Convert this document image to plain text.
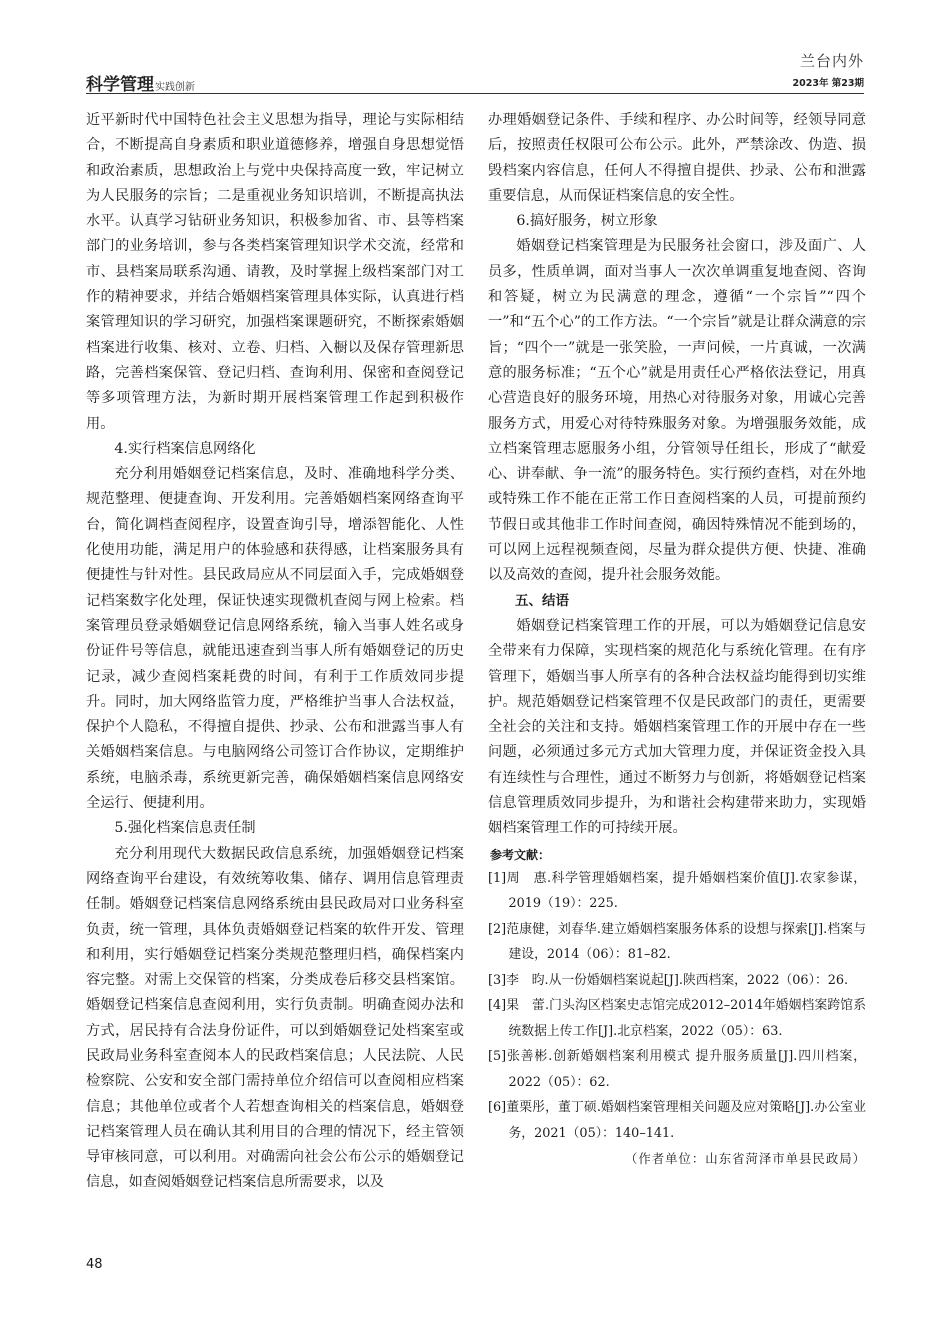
科学管理实践创新
兰台内外
2023年 第23期

近平新时代中国特色社会主义思想为指导，理论与实际相结合，不断提高自身素质和职业道德修养，增强自身思想觉悟和政治素质，思想政治上与党中央保持高度一致，牢记树立为人民服务的宗旨；二是重视业务知识培训，不断提高执法水平。认真学习钻研业务知识，积极参加省、市、县等档案部门的业务培训，参与各类档案管理知识学术交流，经常和市、县档案局联系沟通、请教，及时掌握上级档案部门对工作的精神要求，并结合婚姻档案管理具体实际，认真进行档案管理知识的学习研究，加强档案课题研究，不断探索婚姻档案进行收集、核对、立卷、归档、入橱以及保存管理新思路，完善档案保管、登记归档、查询利用、保密和查阅登记等多项管理方法，为新时期开展档案管理工作起到积极作用。

4.实行档案信息网络化

充分利用婚姻登记档案信息，及时、准确地科学分类、规范整理、便捷查询、开发利用。完善婚姻档案网络查询平台，简化调档查阅程序，设置查询引导，增添智能化、人性化使用功能，满足用户的体验感和获得感，让档案服务具有便捷性与针对性。县民政局应从不同层面入手，完成婚姻登记档案数字化处理，保证快速实现微机查阅与网上检索。档案管理员登录婚姻登记信息网络系统，输入当事人姓名或身份证件号等信息，就能迅速查到当事人所有婚姻登记的历史记录，减少查阅档案耗费的时间，有利于工作质效同步提升。同时，加大网络监管力度，严格维护当事人合法权益，保护个人隐私，不得擅自提供、抄录、公布和泄露当事人有关婚姻档案信息。与电脑网络公司签订合作协议，定期维护系统，电脑杀毒，系统更新完善，确保婚姻档案信息网络安全运行、便捷利用。

5.强化档案信息责任制

充分利用现代大数据民政信息系统，加强婚姻登记档案网络查询平台建设，有效统筹收集、储存、调用信息管理责任制。婚姻登记档案信息网络系统由县民政局对口业务科室负责，统一管理，具体负责婚姻登记档案的软件开发、管理和利用，实行婚姻登记档案分类规范整理归档，确保档案内容完整。对需上交保管的档案，分类成卷后移交县档案馆。婚姻登记档案信息查阅利用，实行负责制。明确查阅办法和方式，居民持有合法身份证件，可以到婚姻登记处档案室或民政局业务科室查阅本人的民政档案信息；人民法院、人民检察院、公安和安全部门需持单位介绍信可以查阅相应档案信息；其他单位或者个人若想查询相关的档案信息，婚姻登记档案管理人员在确认其利用目的合理的情况下，经主管领导审核同意，可以利用。对确需向社会公布公示的婚姻登记信息，如查阅婚姻登记档案信息所需要求，以及

办理婚姻登记条件、手续和程序、办公时间等，经领导同意后，按照责任权限可公布公示。此外，严禁涂改、伪造、损毁档案内容信息，任何人不得擅自提供、抄录、公布和泄露重要信息，从而保证档案信息的安全性。

6.搞好服务，树立形象

婚姻登记档案管理是为民服务社会窗口，涉及面广、人员多，性质单调，面对当事人一次次单调重复地查阅、咨询和答疑，树立为民满意的理念，遵循“一个宗旨”“四个一”和“五个心”的工作方法。“一个宗旨”就是让群众满意的宗旨；“四个一”就是一张笑脸，一声问候，一片真诚，一次满意的服务标准；“五个心”就是用责任心严格依法登记，用真心营造良好的服务环境，用热心对待服务对象，用诚心完善服务方式，用爱心对待特殊服务对象。为增强服务效能，成立档案管理志愿服务小组，分管领导任组长，形成了“献爱心、讲奉献、争一流”的服务特色。实行预约查档，对在外地或特殊工作不能在正常工作日查阅档案的人员，可提前预约节假日或其他非工作时间查阅，确因特殊情况不能到场的，可以网上远程视频查阅，尽量为群众提供方便、快捷、准确以及高效的查阅，提升社会服务效能。

五、结语

婚姻登记档案管理工作的开展，可以为婚姻登记信息安全带来有力保障，实现档案的规范化与系统化管理。在有序管理下，婚姻当事人所享有的各种合法权益均能得到切实维护。规范婚姻登记档案管理不仅是民政部门的责任，更需要全社会的关注和支持。婚姻档案管理工作的开展中存在一些问题，必须通过多元方式加大管理力度，并保证资金投入具有连续性与合理性，通过不断努力与创新，将婚姻登记档案信息管理质效同步提升，为和谐社会构建带来助力，实现婚姻档案管理工作的可持续开展。

参考文献：
[1]周　惠.科学管理婚姻档案，提升婚姻档案价值[J].农家参谋，2019（19）：225.
[2]范康健，刘春华.建立婚姻档案服务体系的设想与探索[J].档案与建设，2014（06）：81–82.
[3]李　昀.从一份婚姻档案说起[J].陕西档案，2022（06）：26.
[4]果　蕾.门头沟区档案史志馆完成2012–2014年婚姻档案跨馆系统数据上传工作[J].北京档案，2022（05）：63.
[5]张善彬.创新婚姻档案利用模式 提升服务质量[J].四川档案，2022（05）：62.
[6]董栗彤，董丁硕.婚姻档案管理相关问题及应对策略[J].办公室业务，2021（05）：140–141.
（作者单位：山东省菏泽市单县民政局）
48
